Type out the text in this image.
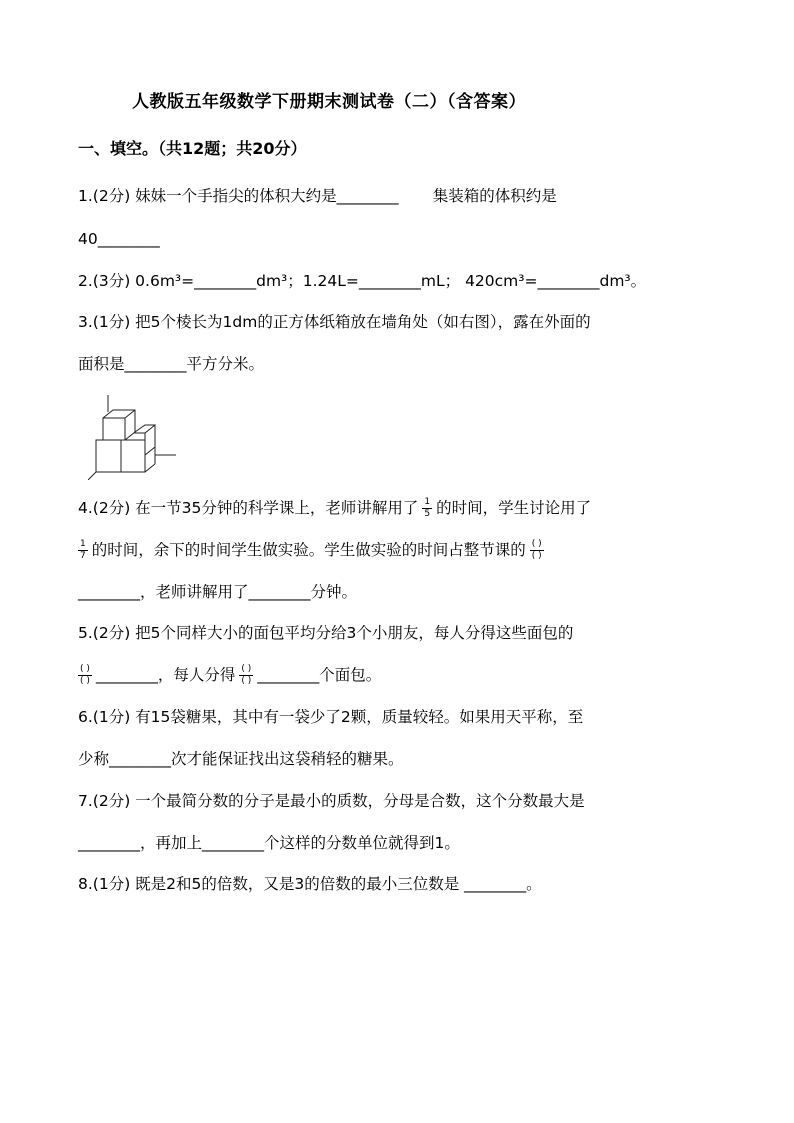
人教版五年级数学下册期末测试卷（二）（含答案）
一、填空。（共12题；共20分）
1.(2分) 妹妹一个手指尖的体积大约是________ 集装箱的体积约是
40________
2.(3分) 0.6m³=________dm³；1.24L=________mL； 420cm³=________dm³。
3.(1分) 把5个棱长为1dm的正方体纸箱放在墙角处（如右图），露在外面的
面积是________平方分米。
4.(2分) 在一节35分钟的科学课上，老师讲解用了 $\frac{1}{5}$ 的时间，学生讨论用了
$\frac{1}{7}$ 的时间，余下的时间学生做实验。学生做实验的时间占整节课的 $\frac{( )}{( )}$
________，老师讲解用了________分钟。
5.(2分) 把5个同样大小的面包平均分给3个小朋友，每人分得这些面包的
$\frac{( )}{( )}$ ________，每人分得 $\frac{( )}{( )}$ ________个面包。
6.(1分) 有15袋糖果，其中有一袋少了2颗，质量较轻。如果用天平称，至
少称________次才能保证找出这袋稍轻的糖果。
7.(2分) 一个最简分数的分子是最小的质数，分母是合数，这个分数最大是
________，再加上________个这样的分数单位就得到1。
8.(1分) 既是2和5的倍数，又是3的倍数的最小三位数是 ________。
